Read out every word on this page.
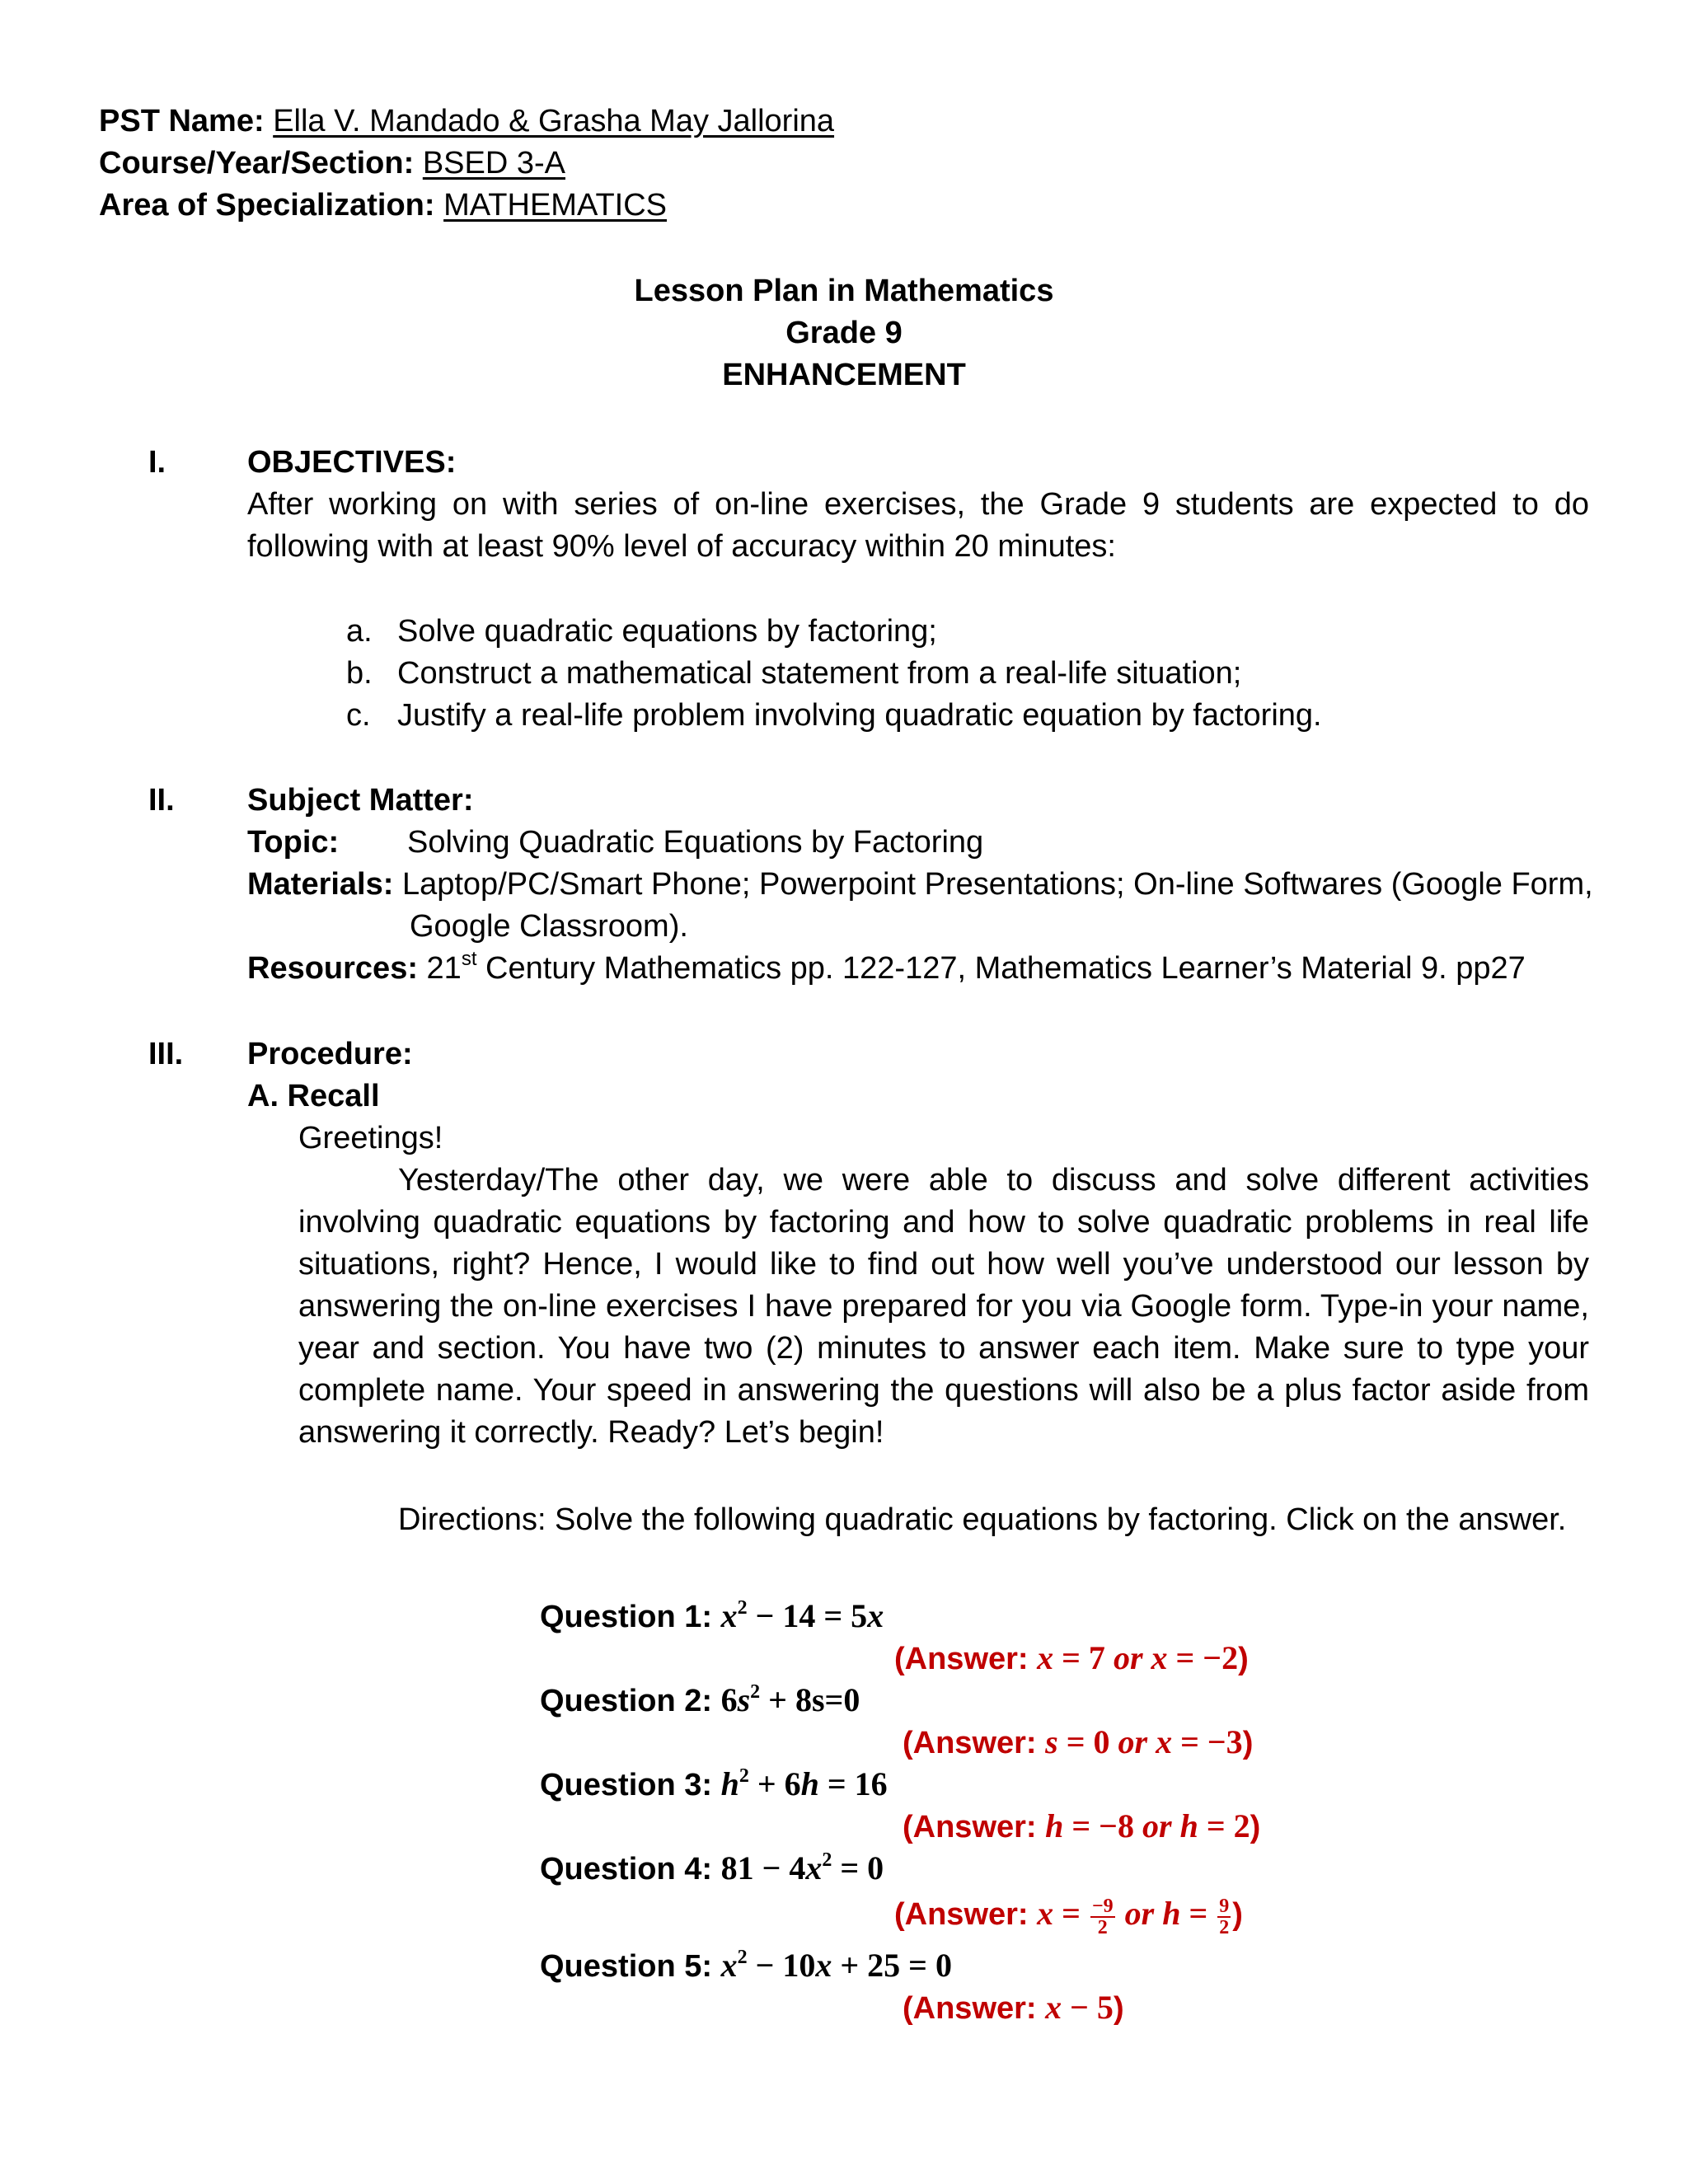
PST Name: Ella V. Mandado & Grasha May Jallorina
Course/Year/Section: BSED 3-A
Area of Specialization: MATHEMATICS
Lesson Plan in Mathematics
Grade 9
ENHANCEMENT
I.	OBJECTIVES:
After working on with series of on-line exercises, the Grade 9 students are expected to do
following with at least 90% level of accuracy within 20 minutes:
a. Solve quadratic equations by factoring;
b. Construct a mathematical statement from a real-life situation;
c. Justify a real-life problem involving quadratic equation by factoring.
II. Subject Matter:
Topic: Solving Quadratic Equations by Factoring
Materials: Laptop/PC/Smart Phone; Powerpoint Presentations; On-line Softwares (Google Form,
Google Classroom).
Resources: 21st Century Mathematics pp. 122-127, Mathematics Learner’s Material 9. pp27
III. Procedure:
A. Recall
Greetings!
Yesterday/The other day, we were able to discuss and solve different activities
involving quadratic equations by factoring and how to solve quadratic problems in real life
situations, right? Hence, I would like to find out how well you’ve understood our lesson by
answering the on-line exercises I have prepared for you via Google form. Type-in your name,
year and section. You have two (2) minutes to answer each item. Make sure to type your
complete name. Your speed in answering the questions will also be a plus factor aside from
answering it correctly. Ready? Let’s begin!
Directions: Solve the following quadratic equations by factoring. Click on the answer.
Question 1: $x^2 - 14 = 5x$
(Answer: x = 7 or x = −2)
Question 2: $6s^2 + 8s=0$
(Answer: s = 0 or x = −3)
Question 3: $h^2 + 6h = 16$
(Answer: h = −8 or h = 2)
Question 4: $81 - 4x^2 = 0$
(Answer: $x = \frac{-9}{2}$ or $h = \frac{9}{2}$ )
Question 5: $x^2 - 10x + 25 = 0$
(Answer: x − 5)
